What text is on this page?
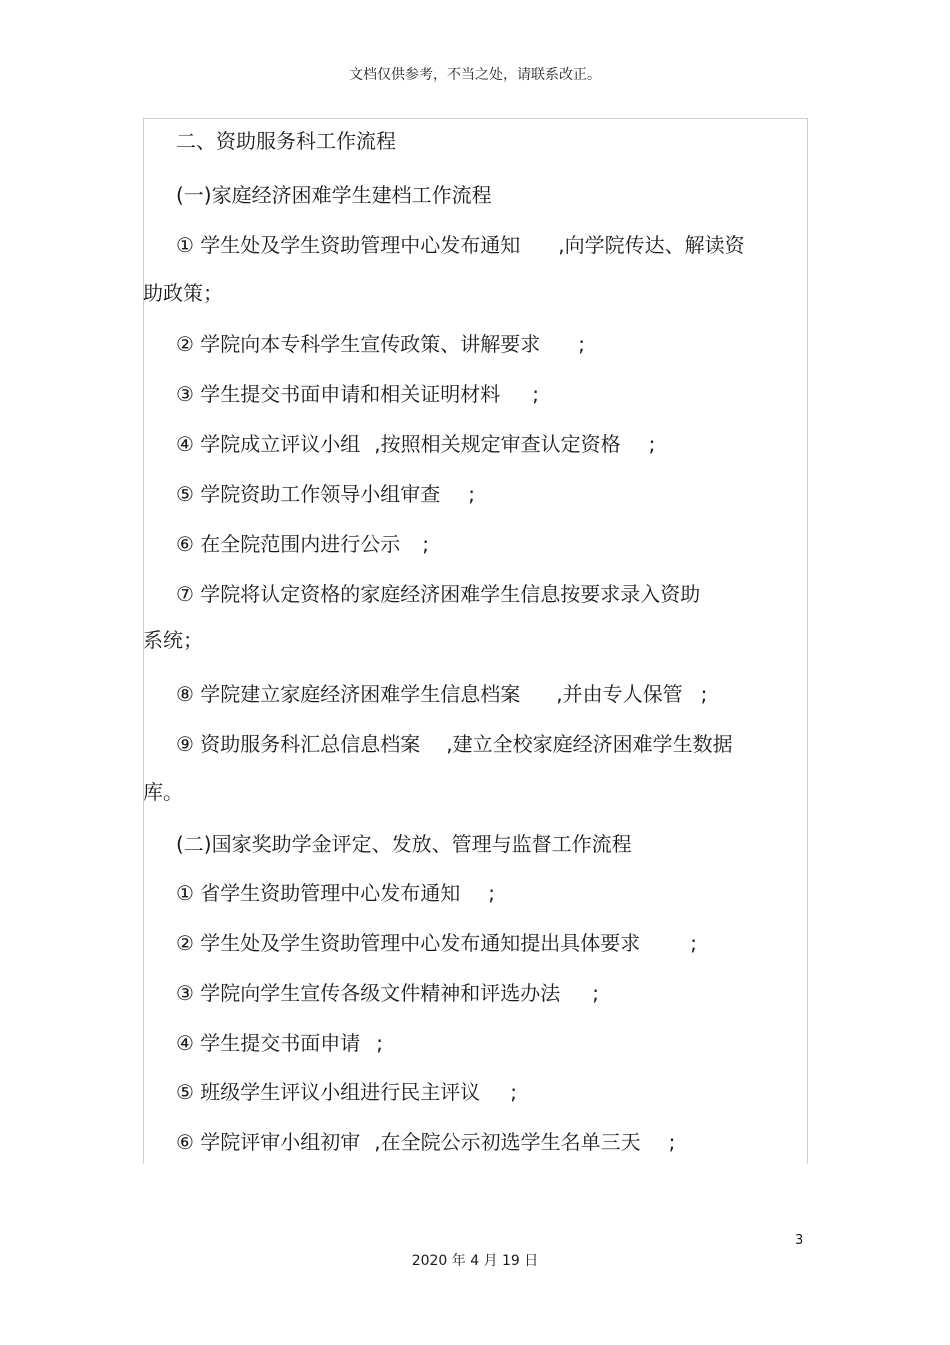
文档仅供参考，不当之处，请联系改正。
二、资助服务科工作流程
(一)家庭经济困难学生建档工作流程
① 学生处及学生资助管理中心发布通知 ,向学院传达、解读资
助政策；
② 学院向本专科学生宣传政策、讲解要求 ;
③ 学生提交书面申请和相关证明材料 ;
④ 学院成立评议小组 ,按照相关规定审查认定资格 ;
⑤ 学院资助工作领导小组审查 ;
⑥ 在全院范围内进行公示 ;
⑦ 学院将认定资格的家庭经济困难学生信息按要求录入资助
系统；
⑧ 学院建立家庭经济困难学生信息档案 ,并由专人保管 ;
⑨ 资助服务科汇总信息档案 ,建立全校家庭经济困难学生数据
库。
(二)国家奖助学金评定、发放、管理与监督工作流程
① 省学生资助管理中心发布通知 ;
② 学生处及学生资助管理中心发布通知提出具体要求	;
③ 学院向学生宣传各级文件精神和评选办法 ;
④ 学生提交书面申请 ;
⑤ 班级学生评议小组进行民主评议 ;
⑥ 学院评审小组初审 ,在全院公示初选学生名单三天 ;
3
2020 年 4 月 19 日
